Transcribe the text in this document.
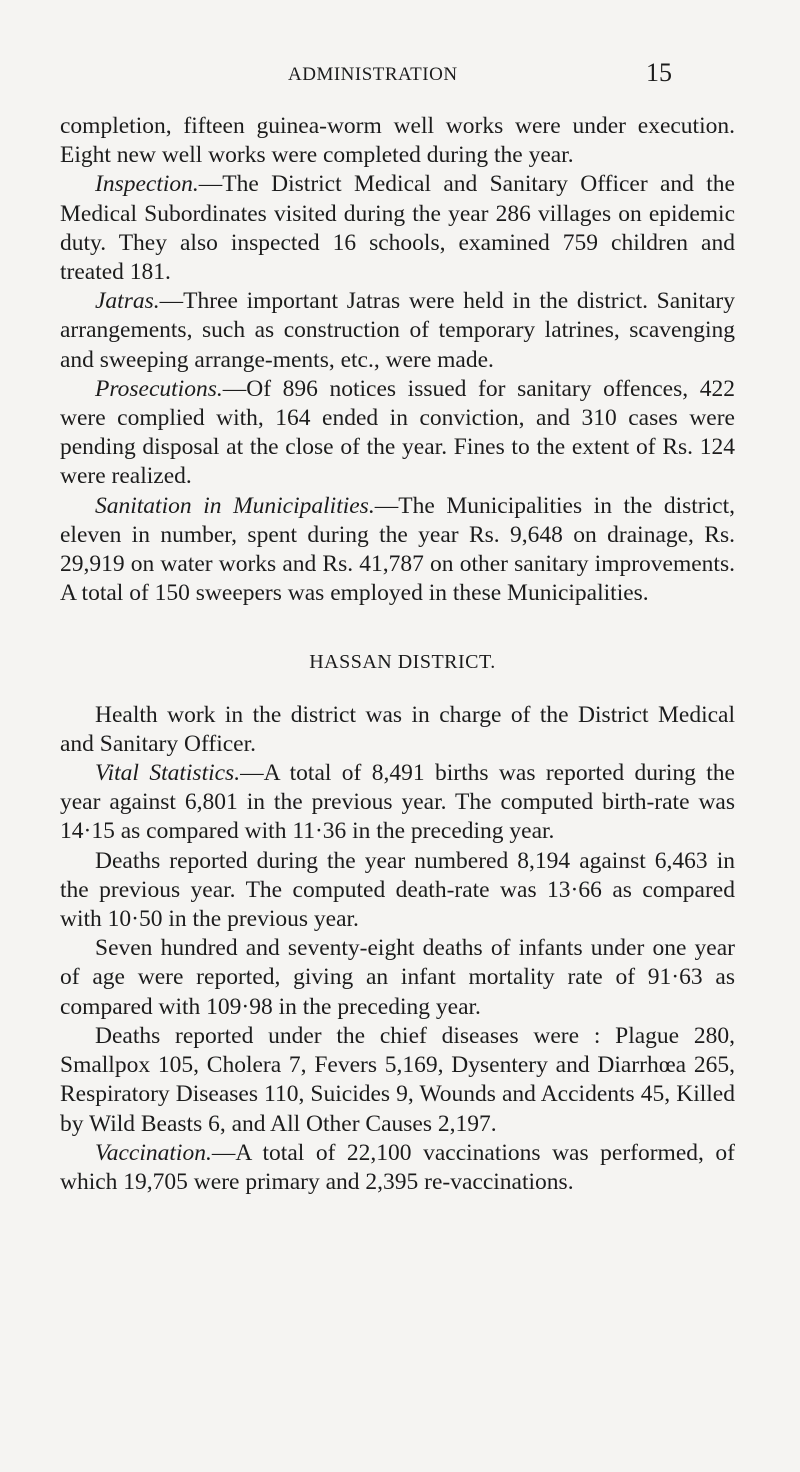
ADMINISTRATION	15

completion, fifteen guinea-worm well works were under execution. Eight new well works were completed during the year.

Inspection.—The District Medical and Sanitary Officer and the Medical Subordinates visited during the year 286 villages on epidemic duty. They also inspected 16 schools, examined 759 children and treated 181.

Jatras.—Three important Jatras were held in the district. Sanitary arrangements, such as construction of temporary latrines, scavenging and sweeping arrange-ments, etc., were made.

Prosecutions.—Of 896 notices issued for sanitary offences, 422 were complied with, 164 ended in conviction, and 310 cases were pending disposal at the close of the year. Fines to the extent of Rs. 124 were realized.

Sanitation in Municipalities.—The Municipalities in the district, eleven in number, spent during the year Rs. 9,648 on drainage, Rs. 29,919 on water works and Rs. 41,787 on other sanitary improvements. A total of 150 sweepers was employed in these Municipalities.

HASSAN DISTRICT.

Health work in the district was in charge of the District Medical and Sanitary Officer.

Vital Statistics.—A total of 8,491 births was reported during the year against 6,801 in the previous year. The computed birth-rate was 14·15 as compared with 11·36 in the preceding year.

Deaths reported during the year numbered 8,194 against 6,463 in the previous year. The computed death-rate was 13·66 as compared with 10·50 in the previous year.

Seven hundred and seventy-eight deaths of infants under one year of age were reported, giving an infant mortality rate of 91·63 as compared with 109·98 in the preceding year.

Deaths reported under the chief diseases were : Plague 280, Smallpox 105, Cholera 7, Fevers 5,169, Dysentery and Diarrhœa 265, Respiratory Diseases 110, Suicides 9, Wounds and Accidents 45, Killed by Wild Beasts 6, and All Other Causes 2,197.

Vaccination.—A total of 22,100 vaccinations was performed, of which 19,705 were primary and 2,395 re-vaccinations.
